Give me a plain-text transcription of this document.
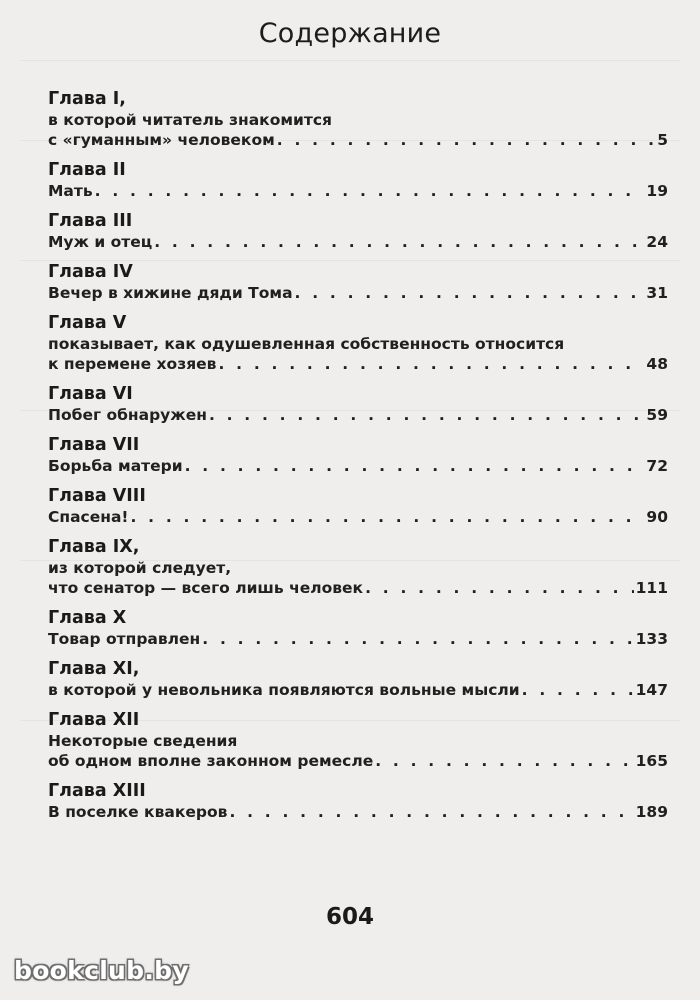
Содержание
Глава I,
в которой читатель знакомится
с «гуманным» человеком . . .	5
Глава II
Мать . . .	19
Глава III
Муж и отец . . .	24
Глава IV
Вечер в хижине дяди Тома . . .	31
Глава V
показывает, как одушевленная собственность относится
к перемене хозяев . . .	48
Глава VI
Побег обнаружен . . .	59
Глава VII
Борьба матери . . .	72
Глава VIII
Спасена! . . .	90
Глава IX,
из которой следует,
что сенатор — всего лишь человек . . .	111
Глава X
Товар отправлен . . .	133
Глава XI,
в которой у невольника появляются вольные мысли . . .	147
Глава XII
Некоторые сведения
об одном вполне законном ремесле . . .	165
Глава XIII
В поселке квакеров . . .	189
604
bookclub.by
